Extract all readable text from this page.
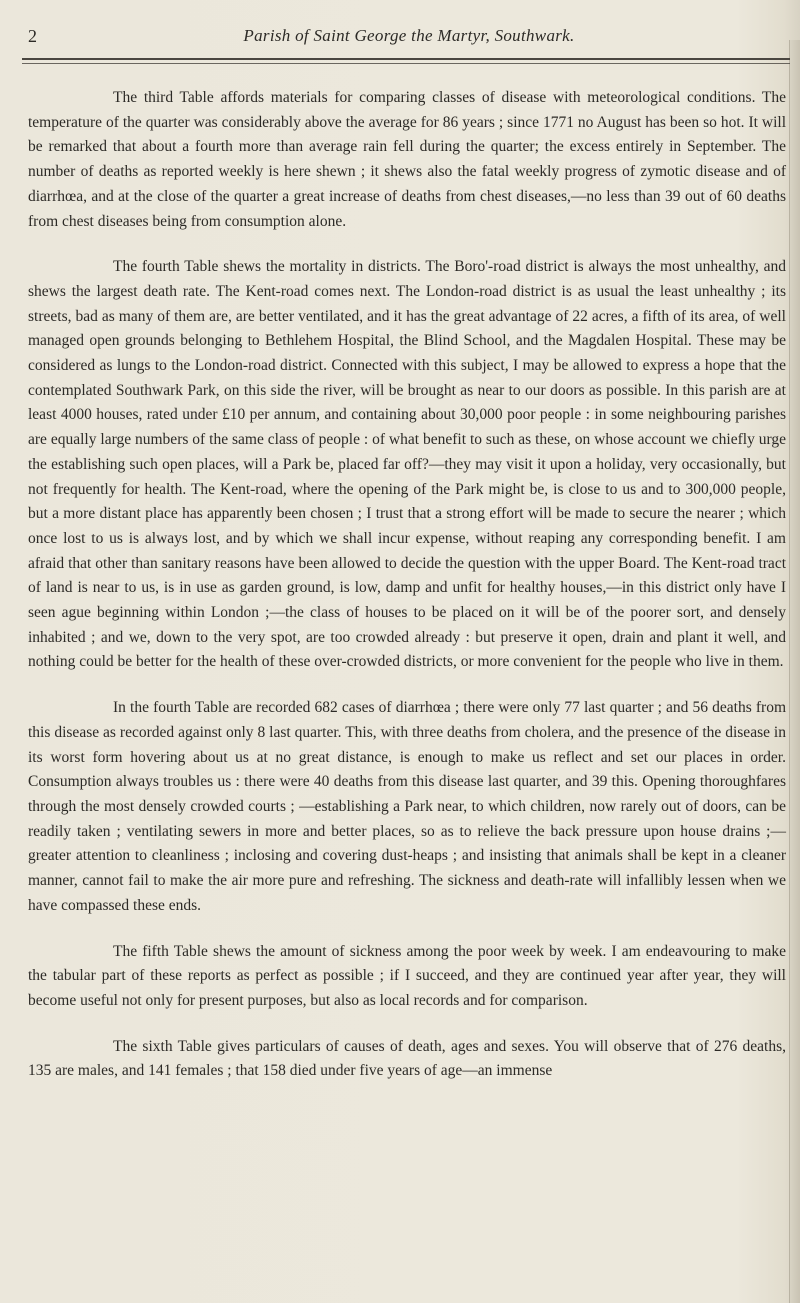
2	Parish of Saint George the Martyr, Southwark.

The third Table affords materials for comparing classes of disease with meteorological conditions. The temperature of the quarter was considerably above the average for 86 years ; since 1771 no August has been so hot. It will be remarked that about a fourth more than average rain fell during the quarter; the excess entirely in September. The number of deaths as reported weekly is here shewn ; it shews also the fatal weekly progress of zymotic disease and of diarrhœa, and at the close of the quarter a great increase of deaths from chest diseases,—no less than 39 out of 60 deaths from chest diseases being from consumption alone.

The fourth Table shews the mortality in districts. The Boro'-road district is always the most unhealthy, and shews the largest death rate. The Kent-road comes next. The London-road district is as usual the least unhealthy ; its streets, bad as many of them are, are better ventilated, and it has the great advantage of 22 acres, a fifth of its area, of well managed open grounds belonging to Bethlehem Hospital, the Blind School, and the Magdalen Hospital. These may be considered as lungs to the London-road district. Connected with this subject, I may be allowed to express a hope that the contemplated Southwark Park, on this side the river, will be brought as near to our doors as possible. In this parish are at least 4000 houses, rated under £10 per annum, and containing about 30,000 poor people : in some neighbouring parishes are equally large numbers of the same class of people : of what benefit to such as these, on whose account we chiefly urge the establishing such open places, will a Park be, placed far off?—they may visit it upon a holiday, very occasionally, but not frequently for health. The Kent-road, where the opening of the Park might be, is close to us and to 300,000 people, but a more distant place has apparently been chosen ; I trust that a strong effort will be made to secure the nearer ; which once lost to us is always lost, and by which we shall incur expense, without reaping any corresponding benefit. I am afraid that other than sanitary reasons have been allowed to decide the question with the upper Board. The Kent-road tract of land is near to us, is in use as garden ground, is low, damp and unfit for healthy houses,—in this district only have I seen ague beginning within London ;—the class of houses to be placed on it will be of the poorer sort, and densely inhabited ; and we, down to the very spot, are too crowded already : but preserve it open, drain and plant it well, and nothing could be better for the health of these over-crowded districts, or more convenient for the people who live in them.

In the fourth Table are recorded 682 cases of diarrhœa ; there were only 77 last quarter ; and 56 deaths from this disease as recorded against only 8 last quarter. This, with three deaths from cholera, and the presence of the disease in its worst form hovering about us at no great distance, is enough to make us reflect and set our places in order. Consumption always troubles us : there were 40 deaths from this disease last quarter, and 39 this. Opening thoroughfares through the most densely crowded courts ; —establishing a Park near, to which children, now rarely out of doors, can be readily taken ; ventilating sewers in more and better places, so as to relieve the back pressure upon house drains ;—greater attention to cleanliness ; inclosing and covering dust-heaps ; and insisting that animals shall be kept in a cleaner manner, cannot fail to make the air more pure and refreshing. The sickness and death-rate will infallibly lessen when we have compassed these ends.

The fifth Table shews the amount of sickness among the poor week by week. I am endeavouring to make the tabular part of these reports as perfect as possible ; if I succeed, and they are continued year after year, they will become useful not only for present purposes, but also as local records and for comparison.

The sixth Table gives particulars of causes of death, ages and sexes. You will observe that of 276 deaths, 135 are males, and 141 females ; that 158 died under five years of age—an immense
